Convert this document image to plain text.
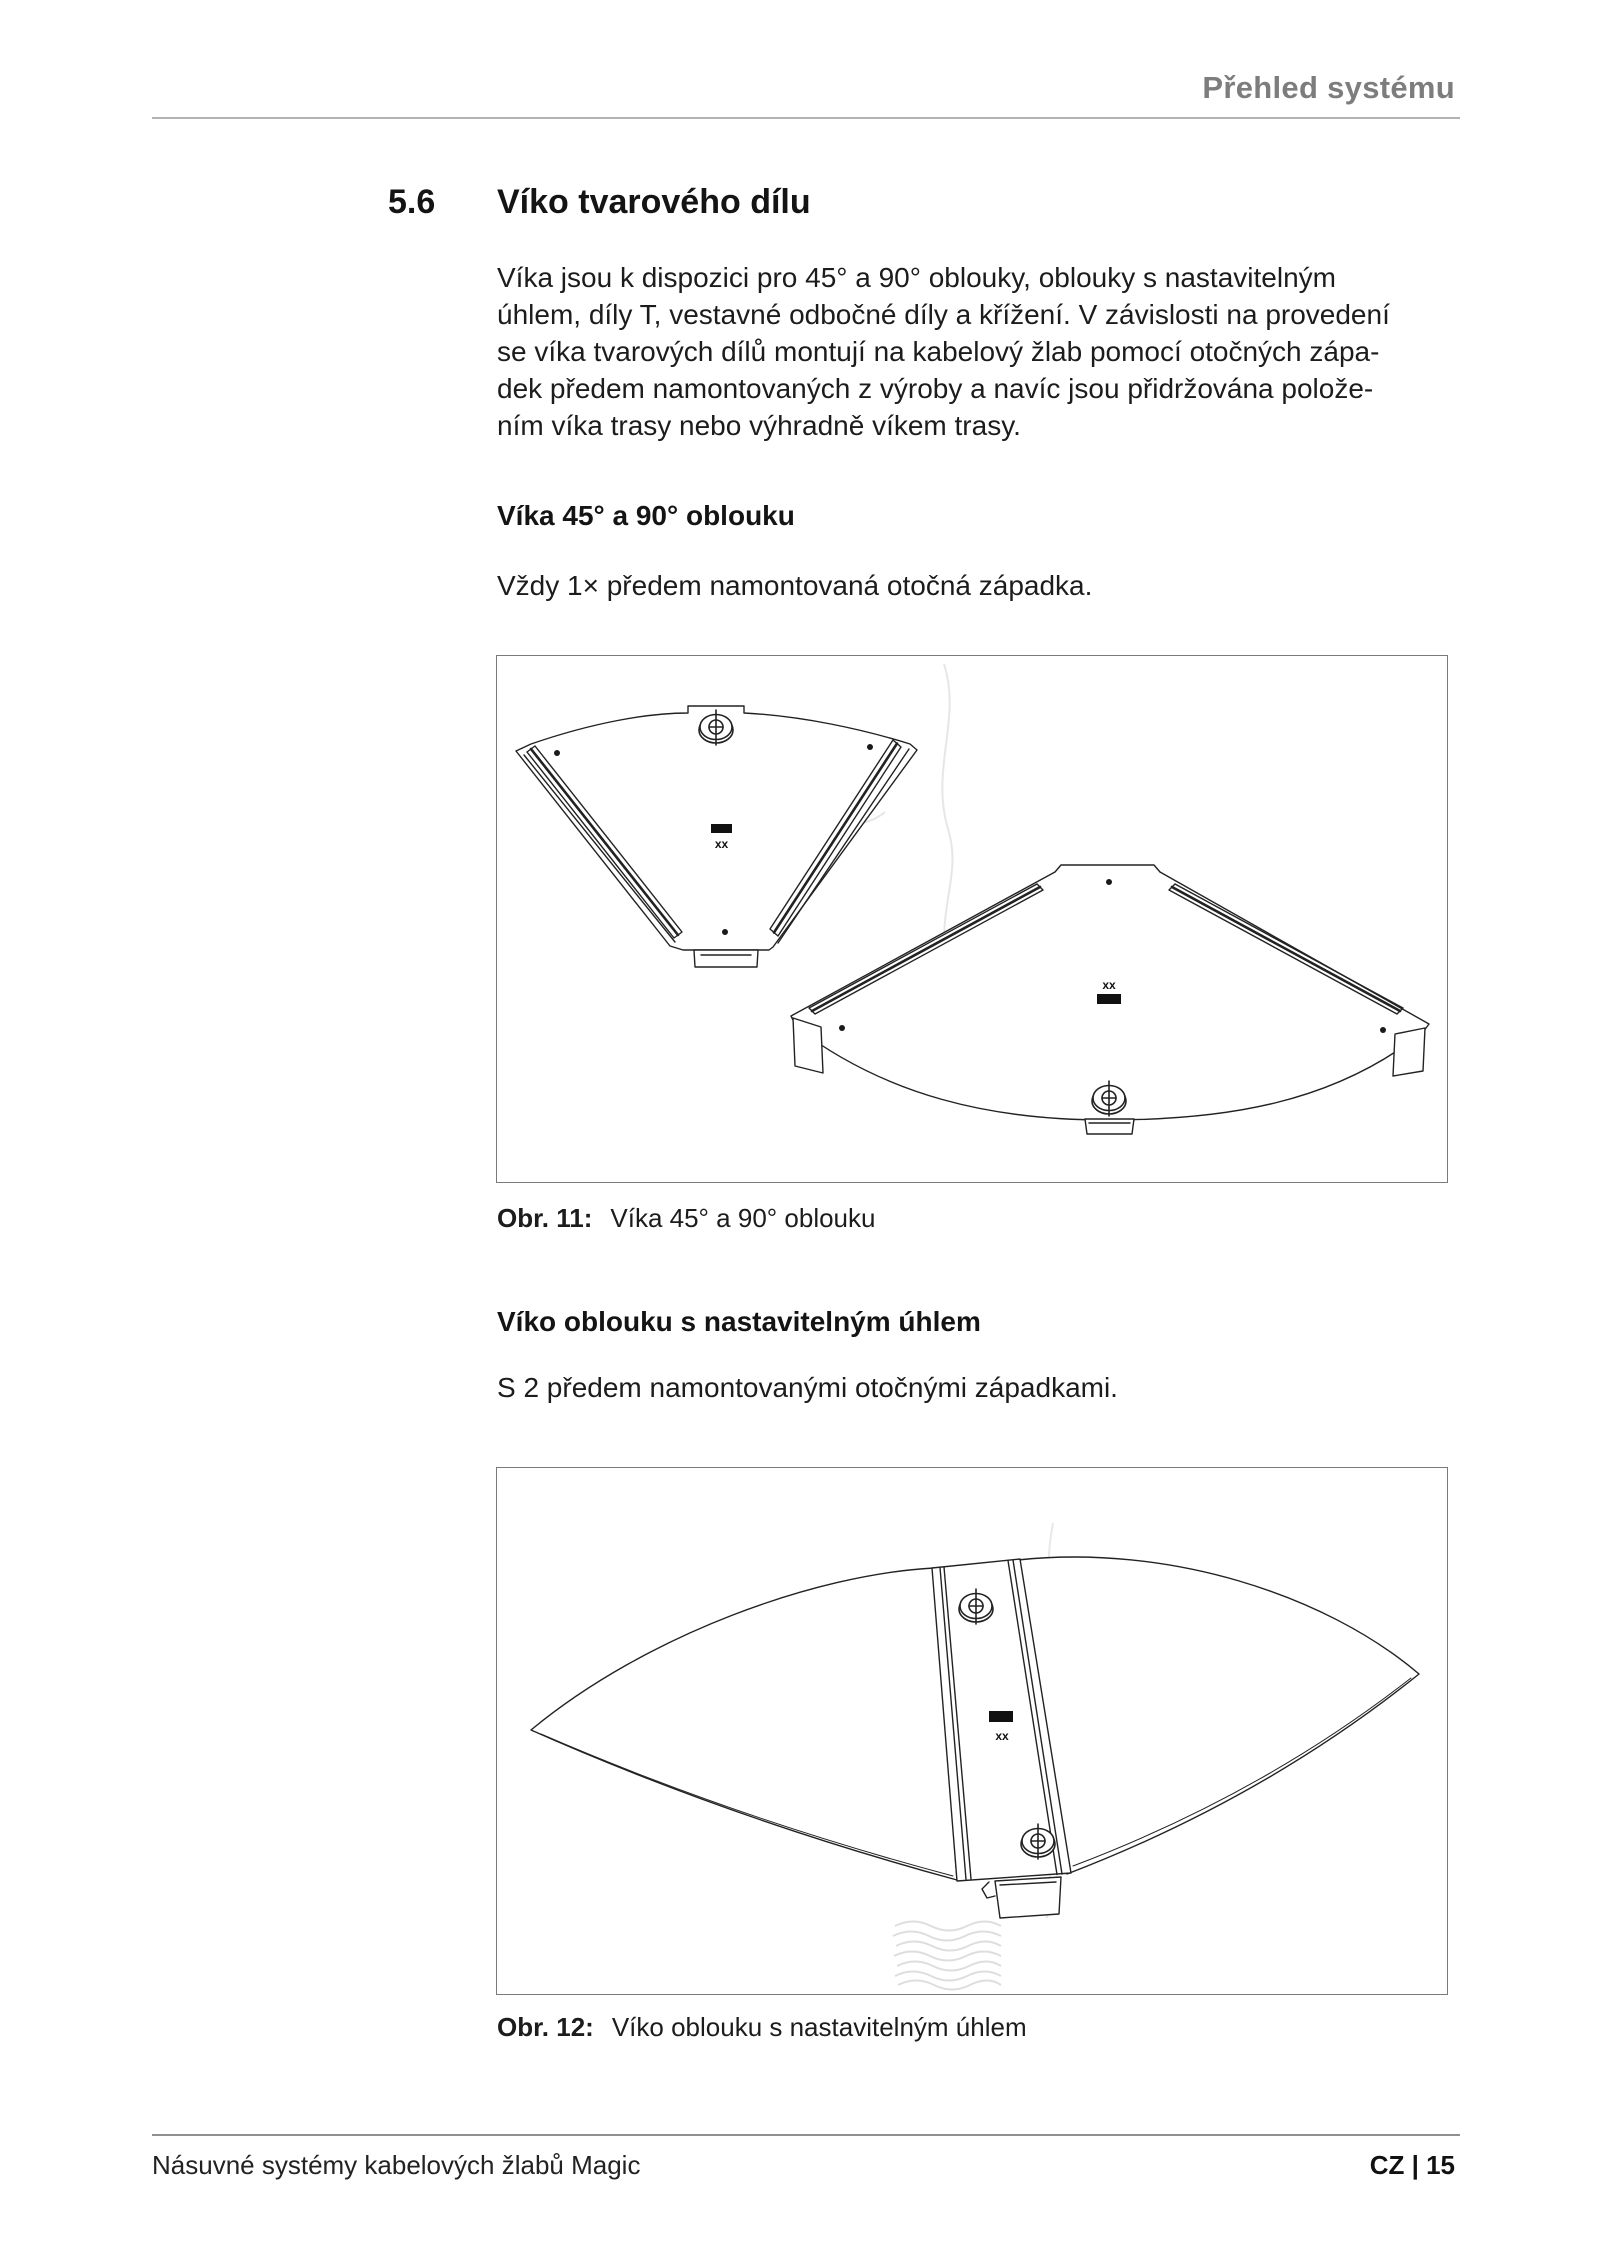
Přehled systému
5.6 Víko tvarového dílu
Víka jsou k dispozici pro 45° a 90° oblouky, oblouky s nastavitelným
úhlem, díly T, vestavné odbočné díly a křížení. V závislosti na provedení
se víka tvarových dílů montují na kabelový žlab pomocí otočných zápa-
dek předem namontovaných z výroby a navíc jsou přidržována polože-
ním víka trasy nebo výhradně víkem trasy.
Víka 45° a 90° oblouku
Vždy 1× předem namontovaná otočná západka.
xx
xx
Obr. 11: Víka 45° a 90° oblouku
Víko oblouku s nastavitelným úhlem
S 2 předem namontovanými otočnými západkami.
xx
Obr. 12: Víko oblouku s nastavitelným úhlem
Násuvné systémy kabelových žlabů Magic	CZ | 15
